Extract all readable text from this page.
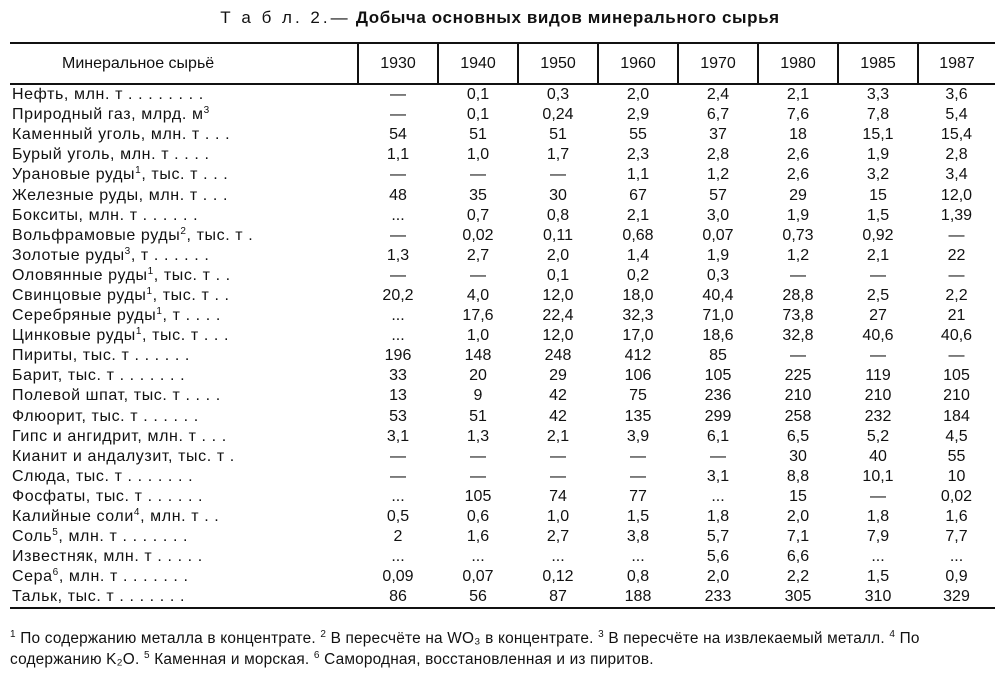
Т а б л. 2.— Добыча основных видов минерального сырья
Минеральное сырьё	1930	1940	1950	1960	1970	1980	1985	1987
Нефть, млн. т . . . . . . . .	—	0,1	0,3	2,0	2,4	2,1	3,3	3,6
Природный газ, млрд. $м^3$	—	0,1	0,24	2,9	6,7	7,6	7,8	5,4
Каменный уголь, млн. т . . .	54	51	51	55	37	18	15,1	15,4
Бурый уголь, млн. т . . . .	1,1	1,0	1,7	2,3	2,8	2,6	1,9	2,8
Урановые руды$^1$, тыс. т . . .	—	—	—	1,1	1,2	2,6	3,2	3,4
Железные руды, млн. т . . .	48	35	30	67	57	29	15	12,0
Бокситы, млн. т . . . . . .	...	0,7	0,8	2,1	3,0	1,9	1,5	1,39
Вольфрамовые руды$^2$, тыс. т .	—	0,02	0,11	0,68	0,07	0,73	0,92	—
Золотые руды$^3$, т . . . . . .	1,3	2,7	2,0	1,4	1,9	1,2	2,1	22
Оловянные руды$^1$, тыс. т . .	—	—	0,1	0,2	0,3	—	—	—
Свинцовые руды$^1$, тыс. т . .	20,2	4,0	12,0	18,0	40,4	28,8	2,5	2,2
Серебряные руды$^1$, т . . . .	...	17,6	22,4	32,3	71,0	73,8	27	21
Цинковые руды$^1$, тыс. т . . .	...	1,0	12,0	17,0	18,6	32,8	40,6	40,6
Пириты, тыс. т . . . . . .	196	148	248	412	85	—	—	—
Барит, тыс. т . . . . . . .	33	20	29	106	105	225	119	105
Полевой шпат, тыс. т . . . .	13	9	42	75	236	210	210	210
Флюорит, тыс. т . . . . . .	53	51	42	135	299	258	232	184
Гипс и ангидрит, млн. т . . .	3,1	1,3	2,1	3,9	6,1	6,5	5,2	4,5
Кианит и андалузит, тыс. т .	—	—	—	—	—	30	40	55
Слюда, тыс. т . . . . . . .	—	—	—	—	3,1	8,8	10,1	10
Фосфаты, тыс. т . . . . . .	...	105	74	77	...	15	—	0,02
Калийные соли$^4$, млн. т . .	0,5	0,6	1,0	1,5	1,8	2,0	1,8	1,6
Соль$^5$, млн. т . . . . . . .	2	1,6	2,7	3,8	5,7	7,1	7,9	7,7
Известняк, млн. т . . . . .	...	...	...	...	5,6	6,6	...	...
Сера$^6$, млн. т . . . . . . .	0,09	0,07	0,12	0,8	2,0	2,2	1,5	0,9
Тальк, тыс. т . . . . . . .	86	56	87	188	233	305	310	329

$^1$ По содержанию металла в концентрате. $^2$ В пересчёте на WO₃ в концентрате. $^3$ В пересчёте на извлекаемый металл. $^4$ По содержанию K₂O. $^5$ Каменная и морская. $^6$ Самородная, восстановленная и из пиритов.
